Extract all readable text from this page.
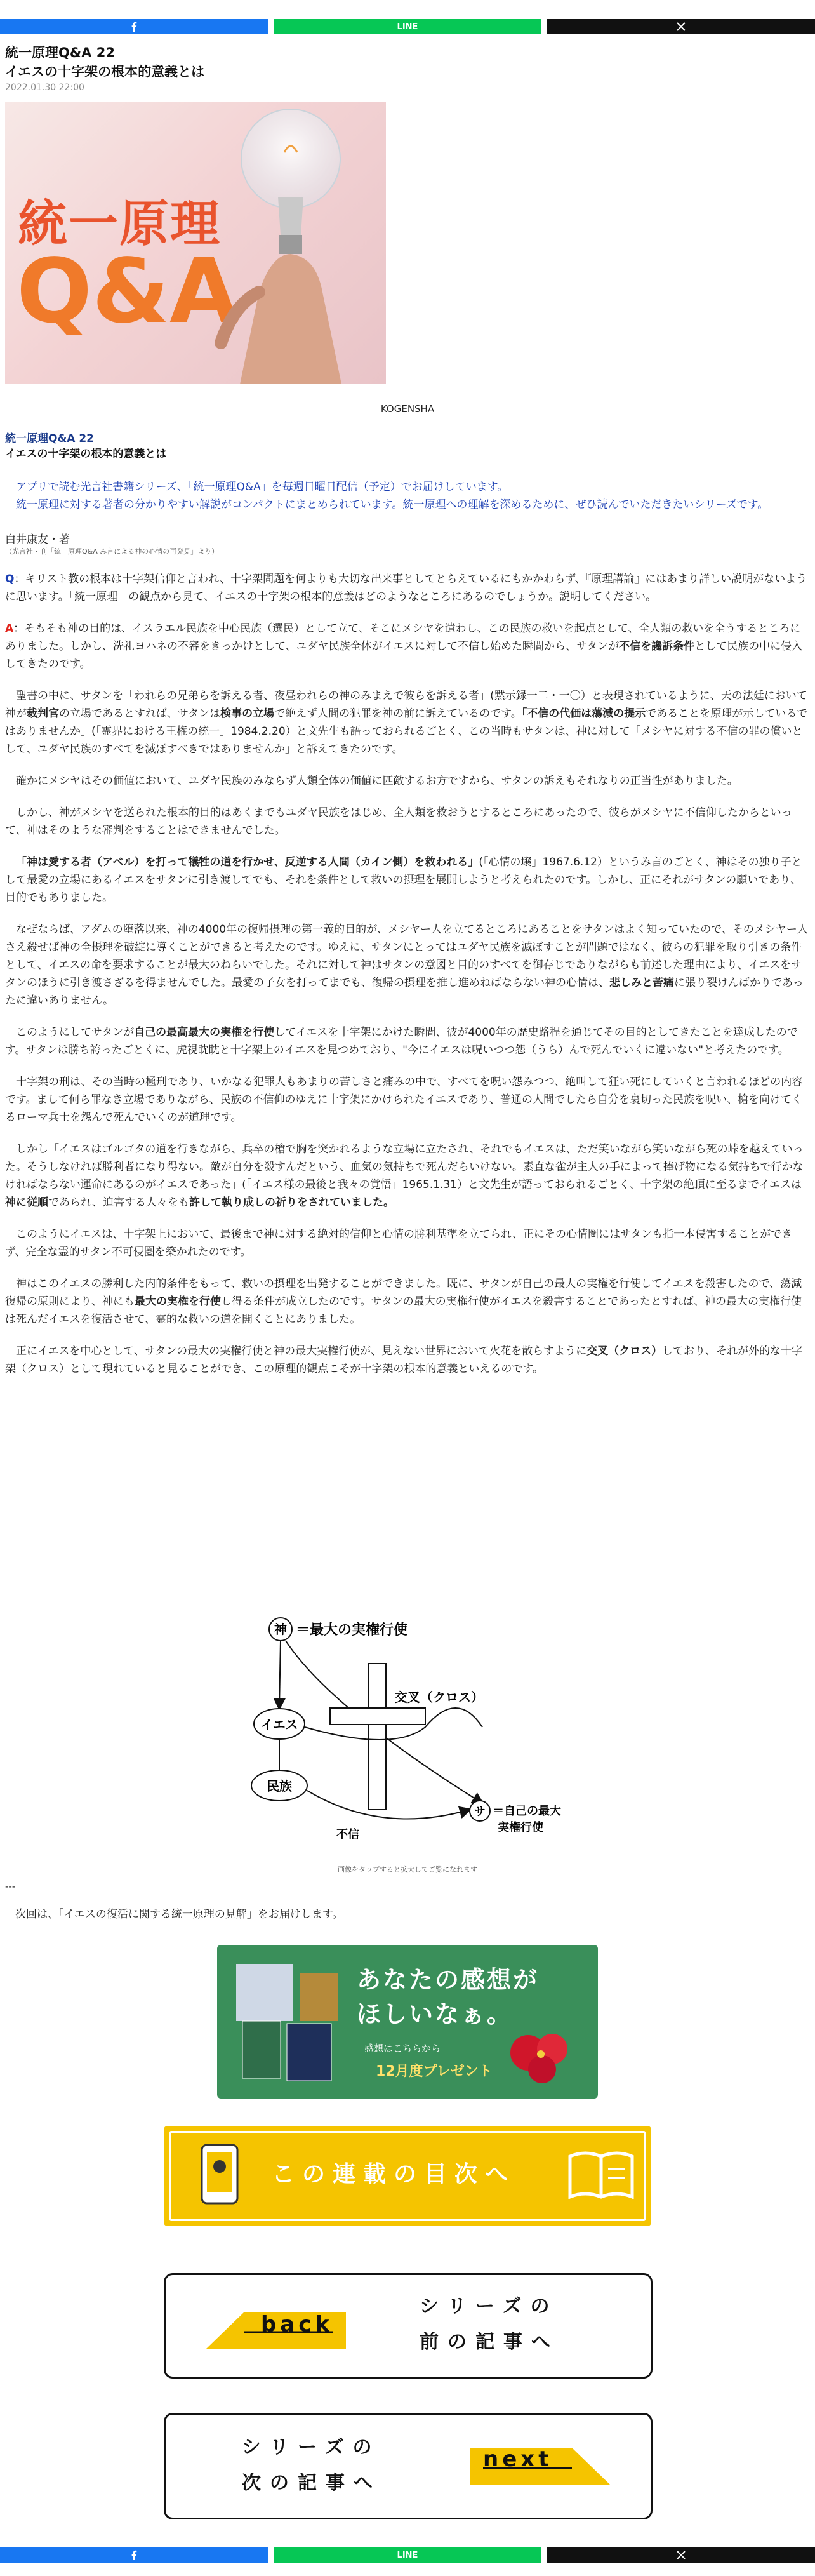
LINE
統一原理Q&A 22
イエスの十字架の根本的意義とは
2022.01.30 22:00
統一原理
Q&A
KOGENSHA
統一原理Q&A 22
イエスの十字架の根本的意義とは

アプリで読む光言社書籍シリーズ、「統一原理Q&A」を毎週日曜日配信（予定）でお届けしています。

統一原理に対する著者の分かりやすい解説がコンパクトにまとめられています。統一原理への理解を深めるために、ぜひ読んでいただきたいシリーズです。

白井康友・著
（光言社・刊「統一原理Q&A み言による神の心情の再発見」より）

Q：キリスト教の根本は十字架信仰と言われ、十字架問題を何よりも大切な出来事としてとらえているにもかかわらず、『原理講論』にはあまり詳しい説明がないように思います。「統一原理」の観点から見て、イエスの十字架の根本的意義はどのようなところにあるのでしょうか。説明してください。

A：そもそも神の目的は、イスラエル民族を中心民族（選民）として立て、そこにメシヤを遣わし、この民族の救いを起点として、全人類の救いを全うするところにありました。しかし、洗礼ヨハネの不審をきっかけとして、ユダヤ民族全体がイエスに対して不信し始めた瞬間から、サタンが不信を讒訴条件として民族の中に侵入してきたのです。

聖書の中に、サタンを「われらの兄弟らを訴える者、夜昼われらの神のみまえで彼らを訴える者」(黙示録一二・一〇）と表現されているように、天の法廷において神が裁判官の立場であるとすれば、サタンは検事の立場で絶えず人間の犯罪を神の前に訴えているのです。「不信の代価は蕩減の提示であることを原理が示しているではありませんか」(「霊界における王権の統一」1984.2.20）と文先生も語っておられるごとく、この当時もサタンは、神に対して「メシヤに対する不信の罪の償いとして、ユダヤ民族のすべてを滅ぼすべきではありませんか」と訴えてきたのです。

確かにメシヤはその価値において、ユダヤ民族のみならず人類全体の価値に匹敵するお方ですから、サタンの訴えもそれなりの正当性がありました。

しかし、神がメシヤを送られた根本的目的はあくまでもユダヤ民族をはじめ、全人類を救おうとするところにあったので、彼らがメシヤに不信仰したからといって、神はそのような審判をすることはできませんでした。

「神は愛する者（アベル）を打って犠牲の道を行かせ、反逆する人間（カイン側）を救われる」(「心情の壌」1967.6.12）というみ言のごとく、神はその独り子として最愛の立場にあるイエスをサタンに引き渡してでも、それを条件として救いの摂理を展開しようと考えられたのです。しかし、正にそれがサタンの願いであり、目的でもありました。

なぜならば、アダムの堕落以来、神の4000年の復帰摂理の第一義的目的が、メシヤー人を立てるところにあることをサタンはよく知っていたので、そのメシヤー人さえ殺せば神の全摂理を破綻に導くことができると考えたのです。ゆえに、サタンにとってはユダヤ民族を滅ぼすことが問題ではなく、彼らの犯罪を取り引きの条件として、イエスの命を要求することが最大のねらいでした。それに対して神はサタンの意図と目的のすべてを御存じでありながらも前述した理由により、イエスをサタンのほうに引き渡さざるを得ませんでした。最愛の子女を打ってまでも、復帰の摂理を推し進めねばならない神の心情は、悲しみと苦痛に張り裂けんばかりであったに違いありません。

このようにしてサタンが自己の最高最大の実権を行使してイエスを十字架にかけた瞬間、彼が4000年の歴史路程を通じてその目的としてきたことを達成したのです。サタンは勝ち誇ったごとくに、虎視眈眈と十字架上のイエスを見つめており、"今にイエスは呪いつつ怨（うら）んで死んでいくに違いない"と考えたのです。

十字架の刑は、その当時の極刑であり、いかなる犯罪人もあまりの苦しさと痛みの中で、すべてを呪い怨みつつ、絶叫して狂い死にしていくと言われるほどの内容です。まして何ら罪なき立場でありながら、民族の不信仰のゆえに十字架にかけられたイエスであり、普通の人間でしたら自分を裏切った民族を呪い、槍を向けてくるローマ兵士を怨んで死んでいくのが道理です。

しかし「イエスはゴルゴタの道を行きながら、兵卒の槍で胸を突かれるような立場に立たされ、それでもイエスは、ただ笑いながら笑いながら死の峠を越えていった。そうしなければ勝利者になり得ない。敵が自分を殺すんだという、血気の気持ちで死んだらいけない。素直な雀が主人の手によって捧げ物になる気持ちで行かなければならない運命にあるのがイエスであった」(「イエス様の最後と我々の覚悟」1965.1.31）と文先生が語っておられるごとく、十字架の絶頂に至るまでイエスは神に従順であられ、迫害する人々をも許して執り成しの祈りをされていました。

このようにイエスは、十字架上において、最後まで神に対する絶対的信仰と心情の勝利基準を立てられ、正にその心情圏にはサタンも指一本侵害することができず、完全な霊的サタン不可侵圏を築かれたのです。

神はこのイエスの勝利した内的条件をもって、救いの摂理を出発することができました。既に、サタンが自己の最大の実権を行使してイエスを殺害したので、蕩減復帰の原則により、神にも最大の実権を行使し得る条件が成立したのです。サタンの最大の実権行使がイエスを殺害することであったとすれば、神の最大の実権行使は死んだイエスを復活させて、霊的な救いの道を開くことにありました。

正にイエスを中心として、サタンの最大の実権行使と神の最大実権行使が、見えない世界において火花を散らすように交叉（クロス）しており、それが外的な十字架（クロス）として現れていると見ることができ、この原理的観点こそが十字架の根本的意義といえるのです。

神 ＝最大の実権行使
交叉（クロス）
イエス
民族
不信
サ ＝自己の最大
実権行使
画像をタップすると拡大してご覧になれます
---
次回は、「イエスの復活に関する統一原理の見解」をお届けします。
あなたの感想が
ほしいなぁ。
感想はこちらから
12月度プレゼント
この連載の目次へ
back
シリーズの
前の記事へ
シリーズの
次の記事へ
next
LINE
